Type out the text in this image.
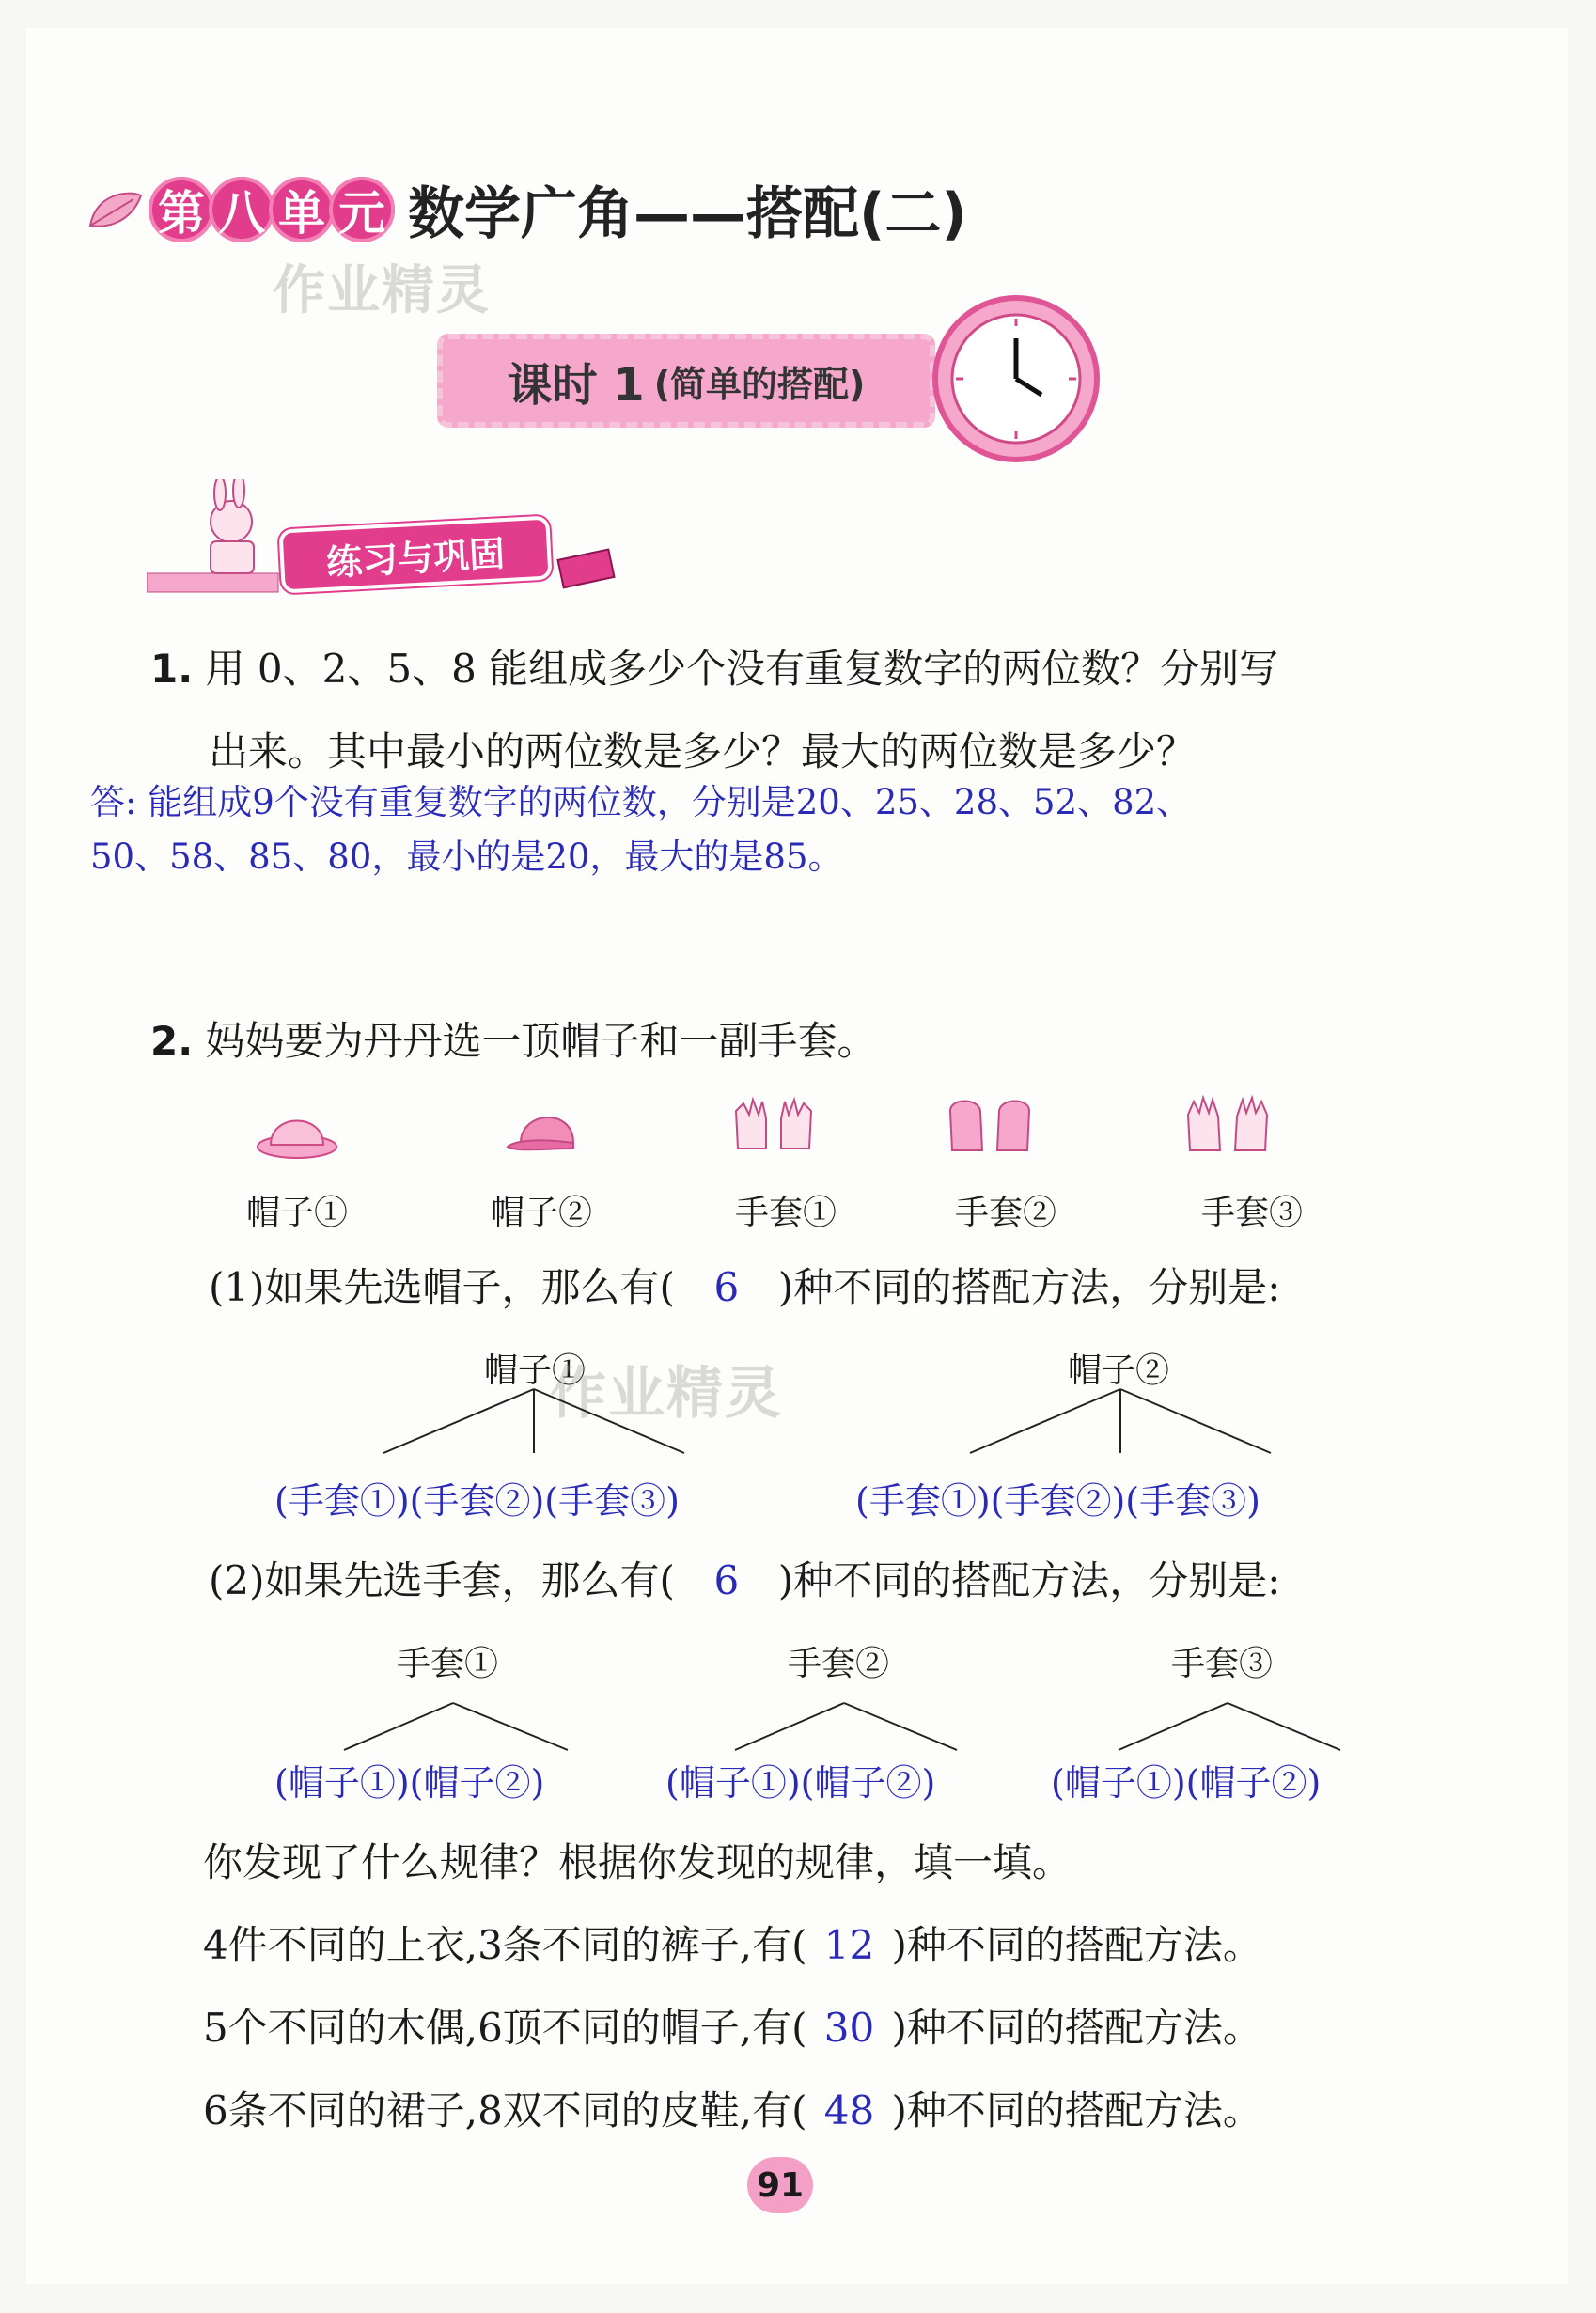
第 八 单 元 数学广角——搭配(二)
作业精灵
课时 1 (简单的搭配)
练习与巩固
1. 用 0、2、5、8 能组成多少个没有重复数字的两位数？分别写
出来。其中最小的两位数是多少？最大的两位数是多少？
答: 能组成9个没有重复数字的两位数，分别是20、25、28、52、82、
50、58、85、80，最小的是20，最大的是85。
2. 妈妈要为丹丹选一顶帽子和一副手套。
帽子①	帽子②	手套①	手套②	手套③
(1)如果先选帽子，那么有( 6 )种不同的搭配方法，分别是:
帽子①	帽子②
作业精灵
(手套①)(手套②)(手套③)	(手套①)(手套②)(手套③)
(2)如果先选手套，那么有( 6 )种不同的搭配方法，分别是:
手套①	手套②	手套③
(帽子①)(帽子②)	(帽子①)(帽子②)	(帽子①)(帽子②)
你发现了什么规律？根据你发现的规律，填一填。
4件不同的上衣,3条不同的裤子,有( 12 )种不同的搭配方法。
5个不同的木偶,6顶不同的帽子,有( 30 )种不同的搭配方法。
6条不同的裙子,8双不同的皮鞋,有( 48 )种不同的搭配方法。
91
